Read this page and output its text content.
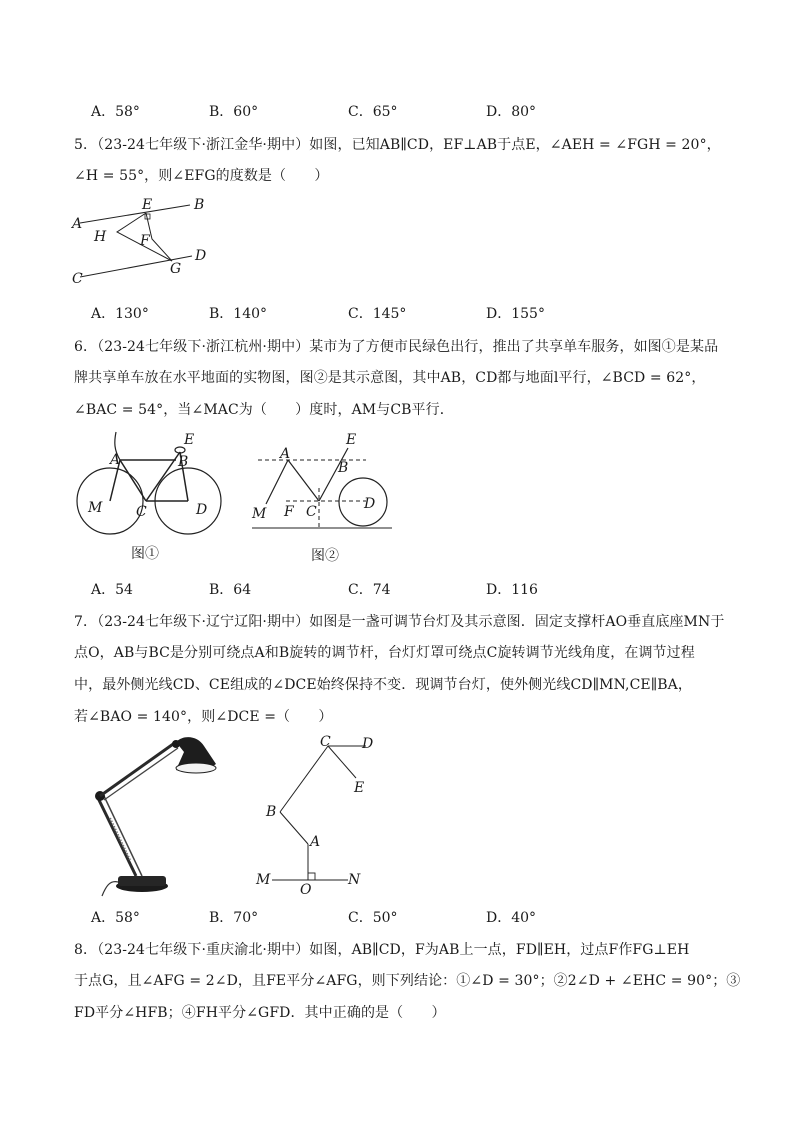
A．58°	B．60°	C．65°	D．80°
5．（23-24七年级下·浙江金华·期中）如图，已知AB∥CD，EF⊥AB于点E，∠AEH = ∠FGH = 20°，
∠H = 55°，则∠EFG的度数是（　　）
A
B
C
D
E
F
G
H
A．130°	B．140°	C．145°	D．155°
6．（23-24七年级下·浙江杭州·期中）某市为了方便市民绿色出行，推出了共享单车服务，如图①是某品
牌共享单车放在水平地面的实物图，图②是其示意图，其中AB，CD都与地面l平行，∠BCD = 62°，
∠BAC = 54°，当∠MAC为（　　）度时，AM与CB平行．
E
A	B
M C	D
图①
E
A
B
M F C	D
图②
A．54	B．64	C．74	D．116
7．（23-24七年级下·辽宁辽阳·期中）如图是一盏可调节台灯及其示意图．固定支撑杆AO垂直底座MN于
点O，AB与BC是分别可绕点A和B旋转的调节杆，台灯灯罩可绕点C旋转调节光线角度，在调节过程
中，最外侧光线CD、CE组成的∠DCE始终保持不变．现调节台灯，使外侧光线CD∥MN,CE∥BA，
若∠BAO = 140°，则∠DCE =（　　）
C D
E
B
A
M
O
N
A．58°	B．70°	C．50°	D．40°
8．（23-24七年级下·重庆渝北·期中）如图，AB∥CD，F为AB上一点，FD∥EH，过点F作FG⊥EH
于点G，且∠AFG = 2∠D，且FE平分∠AFG，则下列结论：①∠D = 30°；②2∠D + ∠EHC = 90°；③
FD平分∠HFB；④FH平分∠GFD．其中正确的是（　　）
